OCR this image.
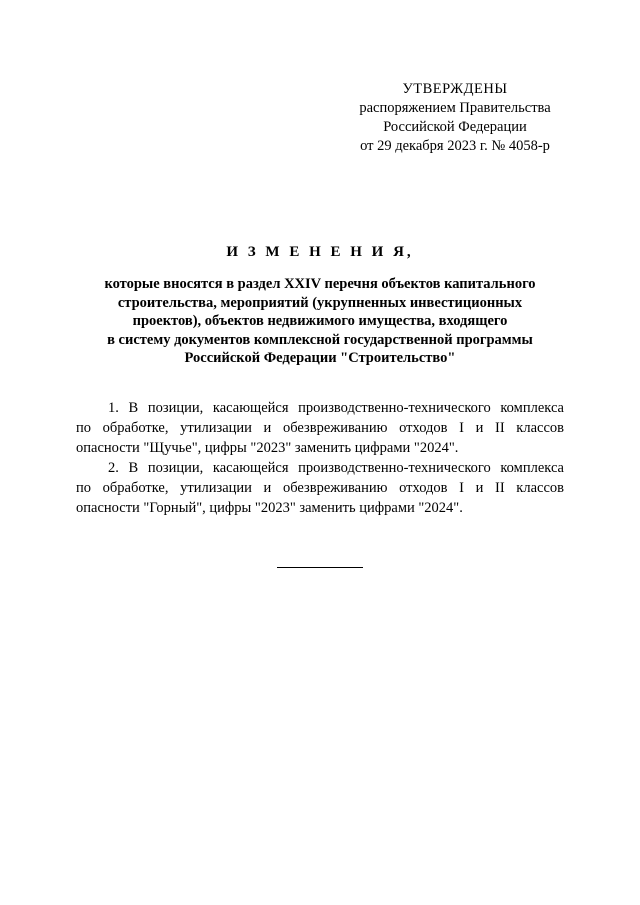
УТВЕРЖДЕНЫ
распоряжением Правительства
Российской Федерации
от 29 декабря 2023 г. № 4058-р
И З М Е Н Е Н И Я,
которые вносятся в раздел XXIV перечня объектов капитального
строительства, мероприятий (укрупненных инвестиционных
проектов), объектов недвижимого имущества, входящего
в систему документов комплексной государственной программы
Российской Федерации "Строительство"
1. В позиции, касающейся производственно-технического комплекса
по обработке, утилизации и обезвреживанию отходов I и II классов
опасности "Щучье", цифры "2023" заменить цифрами "2024".
2. В позиции, касающейся производственно-технического комплекса
по обработке, утилизации и обезвреживанию отходов I и II классов
опасности "Горный", цифры "2023" заменить цифрами "2024".
